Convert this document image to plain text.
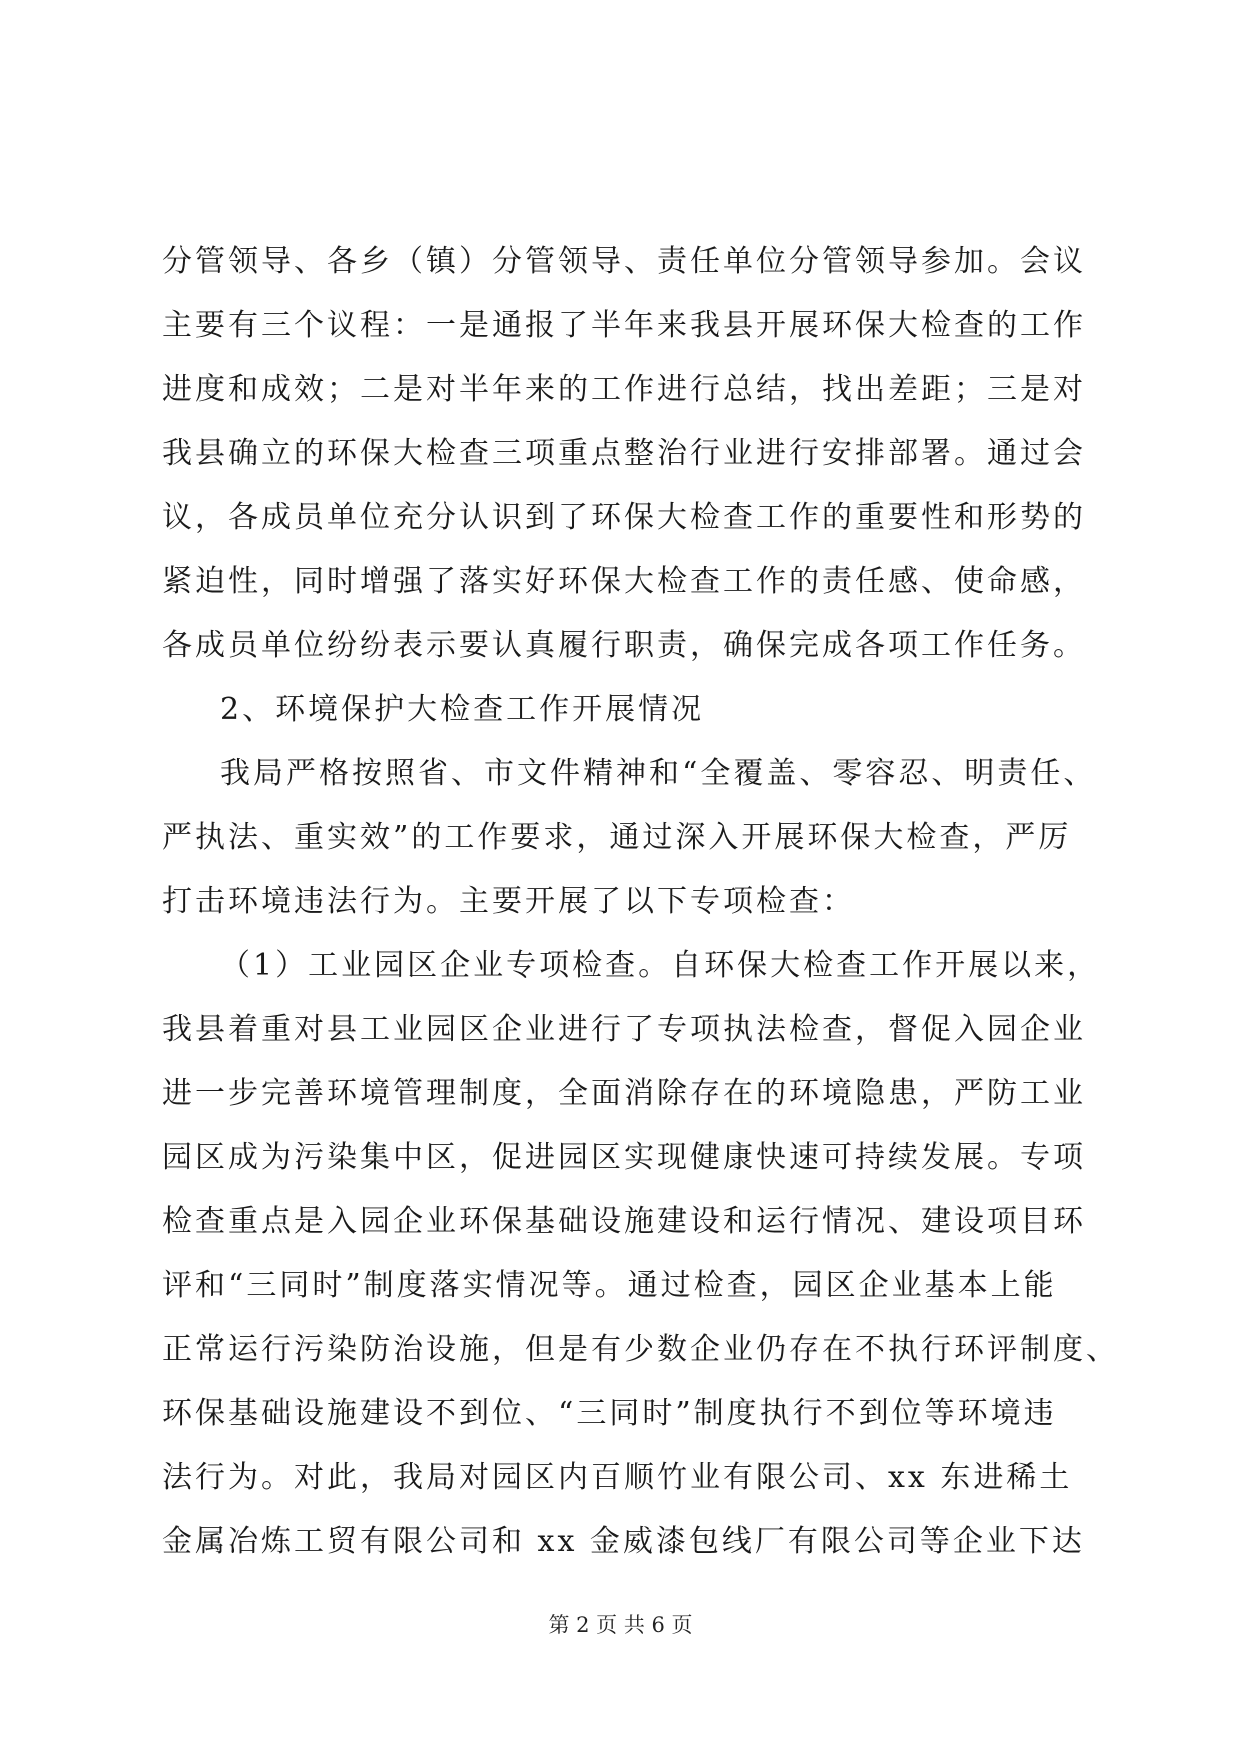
分管领导、各乡（镇）分管领导、责任单位分管领导参加。会议
主要有三个议程：一是通报了半年来我县开展环保大检查的工作
进度和成效；二是对半年来的工作进行总结，找出差距；三是对
我县确立的环保大检查三项重点整治行业进行安排部署。通过会
议，各成员单位充分认识到了环保大检查工作的重要性和形势的
紧迫性，同时增强了落实好环保大检查工作的责任感、使命感，
各成员单位纷纷表示要认真履行职责，确保完成各项工作任务。
2、环境保护大检查工作开展情况
我局严格按照省、市文件精神和“全覆盖、零容忍、明责任、
严执法、重实效”的工作要求，通过深入开展环保大检查，严厉
打击环境违法行为。主要开展了以下专项检查：
（1）工业园区企业专项检查。自环保大检查工作开展以来，
我县着重对县工业园区企业进行了专项执法检查，督促入园企业
进一步完善环境管理制度，全面消除存在的环境隐患，严防工业
园区成为污染集中区，促进园区实现健康快速可持续发展。专项
检查重点是入园企业环保基础设施建设和运行情况、建设项目环
评和“三同时”制度落实情况等。通过检查，园区企业基本上能
正常运行污染防治设施，但是有少数企业仍存在不执行环评制度、
环保基础设施建设不到位、“三同时”制度执行不到位等环境违
法行为。对此，我局对园区内百顺竹业有限公司、xx 东进稀土
金属冶炼工贸有限公司和 xx 金威漆包线厂有限公司等企业下达
第 2 页 共 6 页
